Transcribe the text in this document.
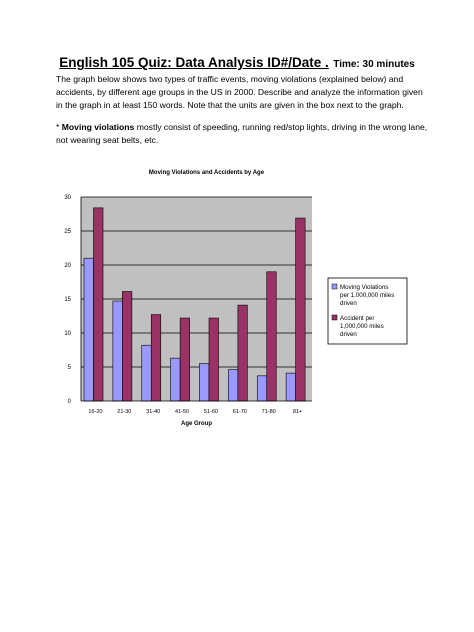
English 105 Quiz: Data Analysis ID#/Date . Time: 30 minutes
The graph below shows two types of traffic events, moving violations (explained below) and accidents, by different age groups in the US in 2000. Describe and analyze the information given in the graph in at least 150 words. Note that the units are given in the box next to the graph.
* Moving violations mostly consist of speeding, running red/stop lights, driving in the wrong lane, not wearing seat belts, etc.
Moving Violations and Accidents by Age
0
5
10
15
20
25
30
16-20	21-30	31-40	41-50	51-60	61-70	71-80	81+
Age Group
Moving Violations
per 1,000,000 miles
driven
Accident per
1,000,000 miles
driven
